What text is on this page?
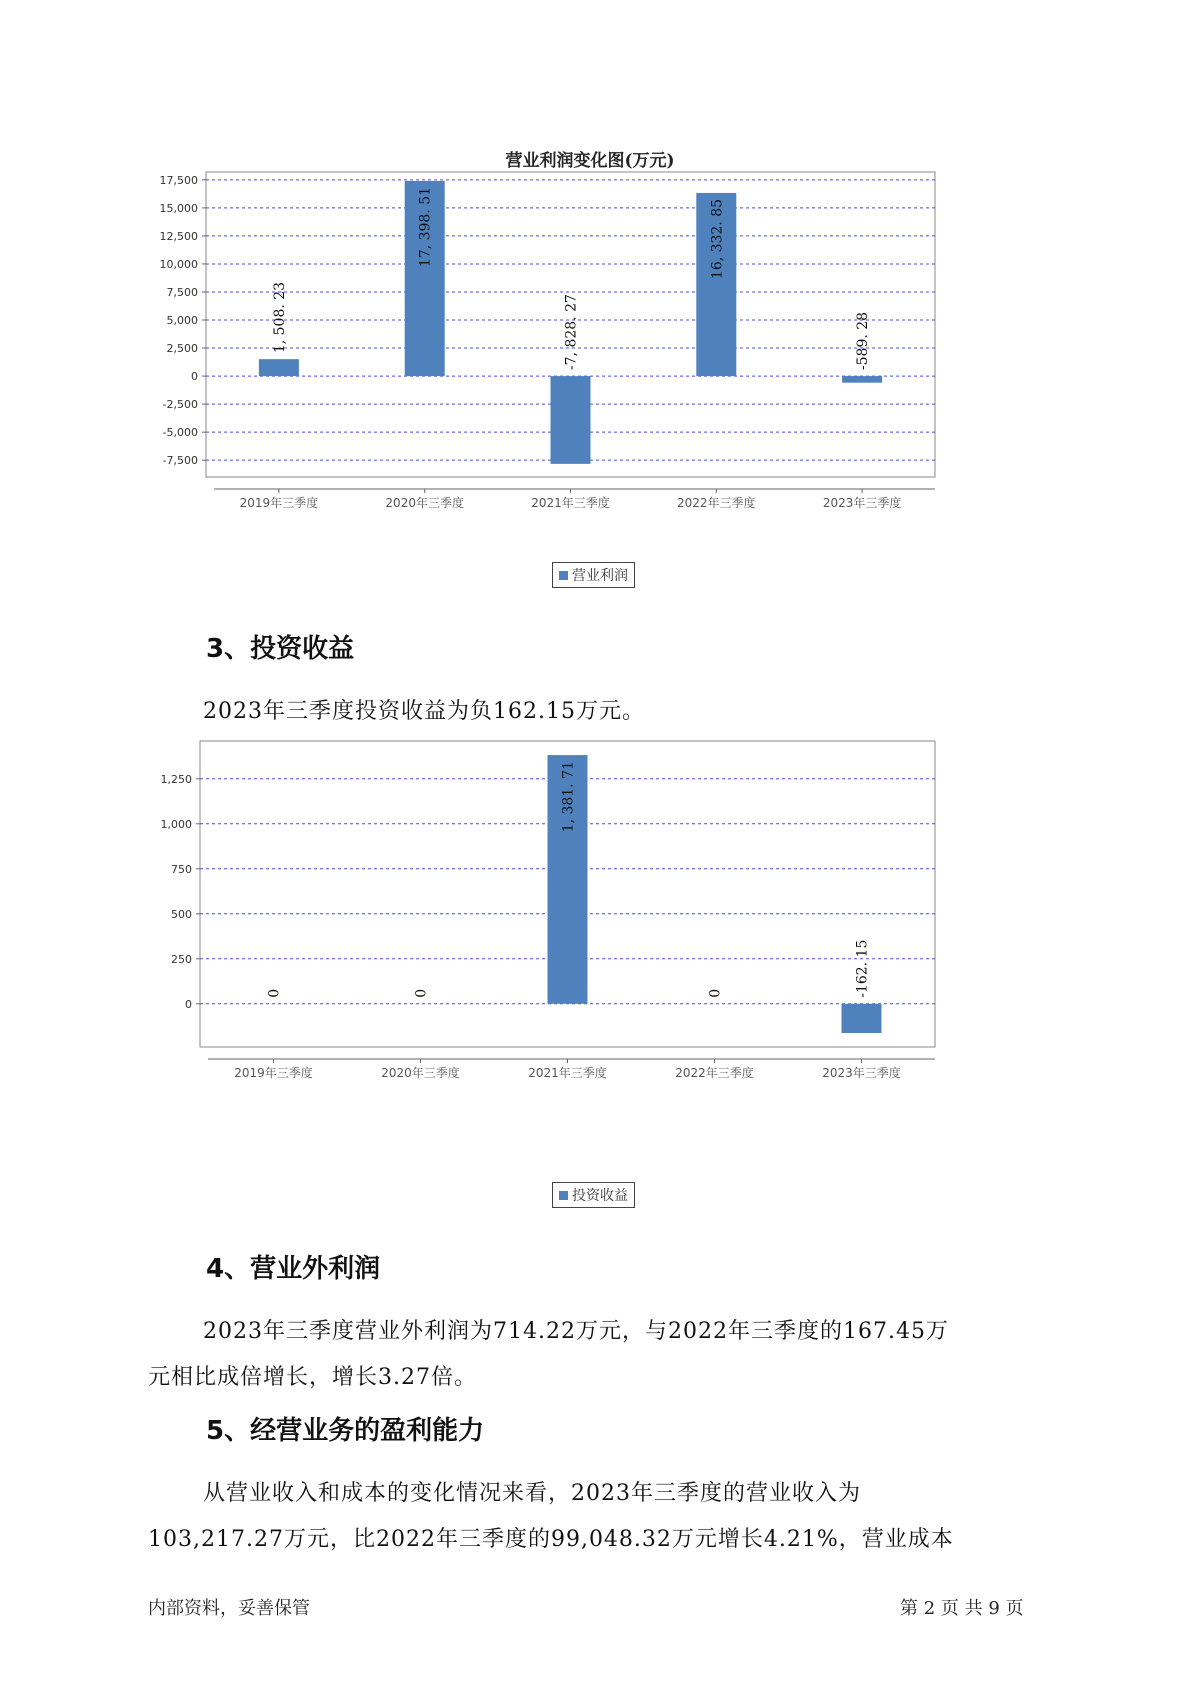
营业利润变化图(万元)
17,500
15,000
12,500
10,000
7,500
5,000
2,500
0
-2,500
-5,000
-7,500
2019年三季度
1, 508. 23
2020年三季度
17, 398. 51
2021年三季度
-7, 828. 27
2022年三季度
16, 332. 85
2023年三季度
-589. 28
营业利润
3、投资收益
2023年三季度投资收益为负162.15万元。
1,250
1,000
750
500
250
0
2019年三季度
0
2020年三季度
0
2021年三季度
1, 381. 71
2022年三季度
0
2023年三季度
-162. 15
投资收益
4、营业外利润
2023年三季度营业外利润为714.22万元，与2022年三季度的167.45万
元相比成倍增长，增长3.27倍。
5、经营业务的盈利能力
从营业收入和成本的变化情况来看，2023年三季度的营业收入为
103,217.27万元，比2022年三季度的99,048.32万元增长4.21%，营业成本
内部资料，妥善保管	第 2 页 共 9 页
